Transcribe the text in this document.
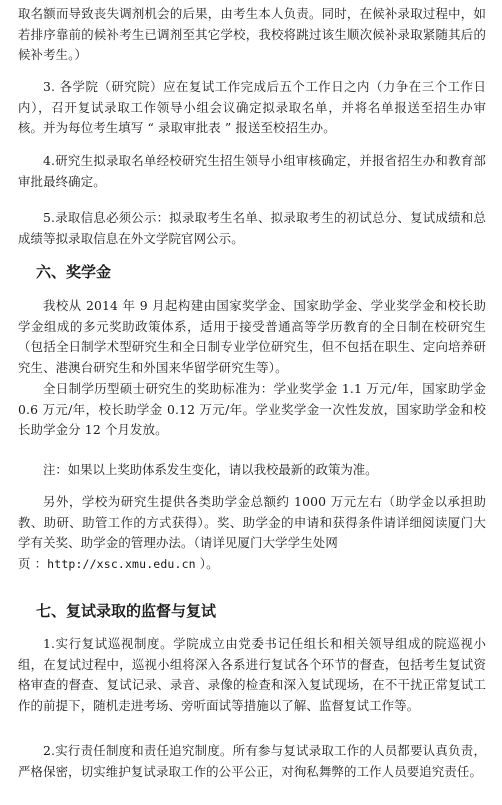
取名额而导致丧失调剂机会的后果，由考生本人负责。同时，在候补录取过程中，如若排序靠前的候补考生已调剂至其它学校，我校将跳过该生顺次候补录取紧随其后的候补考生。）

3. 各学院（研究院）应在复试工作完成后五个工作日之内（力争在三个工作日内），召开复试录取工作领导小组会议确定拟录取名单，并将名单报送至招生办审核。并为每位考生填写 “ 录取审批表 ” 报送至校招生办。

4.研究生拟录取名单经校研究生招生领导小组审核确定，并报省招生办和教育部审批最终确定。

5.录取信息必须公示：拟录取考生名单、拟录取考生的初试总分、复试成绩和总成绩等拟录取信息在外文学院官网公示。

六、奖学金

我校从 2014 年 9 月起构建由国家奖学金、国家助学金、学业奖学金和校长助学金组成的多元奖助政策体系，适用于接受普通高等学历教育的全日制在校研究生（包括全日制学术型研究生和全日制专业学位研究生，但不包括在职生、定向培养研究生、港澳台研究生和外国来华留学研究生等）。

全日制学历型硕士研究生的奖助标准为：学业奖学金 1.1 万元/年，国家助学金 0.6 万元/年，校长助学金 0.12 万元/年。学业奖学金一次性发放，国家助学金和校长助学金分 12 个月发放。

注：如果以上奖助体系发生变化，请以我校最新的政策为准。

另外，学校为研究生提供各类助学金总额约 1000 万元左右（助学金以承担助教、助研、助管工作的方式获得）。奖、助学金的申请和获得条件请详细阅读厦门大学有关奖、助学金的管理办法。（请详见厦门大学学生处网
页 ：http://xsc.xmu.edu.cn ）。
七、复试录取的监督与复试

1.实行复试巡视制度。学院成立由党委书记任组长和相关领导组成的院巡视小组，在复试过程中，巡视小组将深入各系进行复试各个环节的督查，包括考生复试资格审查的督查、复试记录、录音、录像的检查和深入复试现场，在不干扰正常复试工作的前提下，随机走进考场、旁听面试等措施以了解、监督复试工作等。

2.实行责任制度和责任追究制度。所有参与复试录取工作的人员都要认真负责，严格保密，切实维护复试录取工作的公平公正，对徇私舞弊的工作人员要追究责任。
